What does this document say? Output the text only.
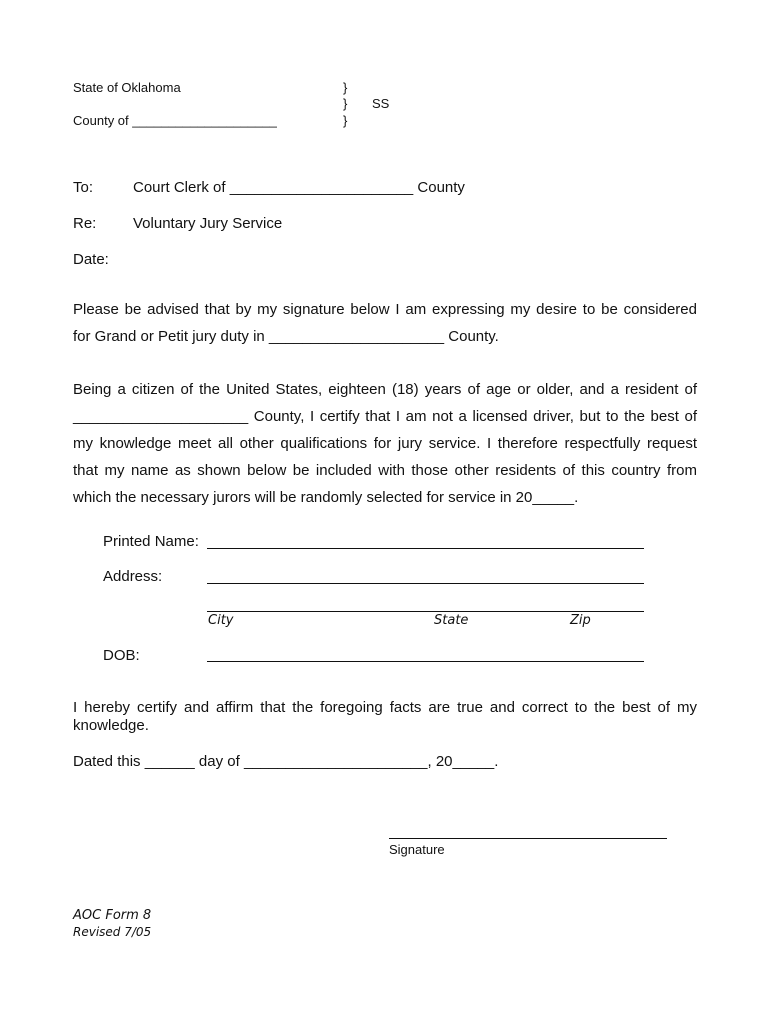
State of Oklahoma
County of ____________________
}
}
}
SS
To:	Court Clerk of ______________________ County
Re: Voluntary Jury Service
Date:
Please be advised that by my signature below I am expressing my desire to be considered
for Grand or Petit jury duty in _____________________ County.
Being a citizen of the United States, eighteen (18) years of age or older, and a resident of
_____________________ County, I certify that I am not a licensed driver, but to the best of
my knowledge meet all other qualifications for jury service. I therefore respectfully request
that my name as shown below be included with those other residents of this country from
which the necessary jurors will be randomly selected for service in 20_____.
Printed Name:
Address:
City	State	Zip
DOB:
I hereby certify and affirm that the foregoing facts are true and correct to the best of my
knowledge.
Dated this ______ day of ______________________, 20_____.
Signature
AOC Form 8
Revised 7/05
